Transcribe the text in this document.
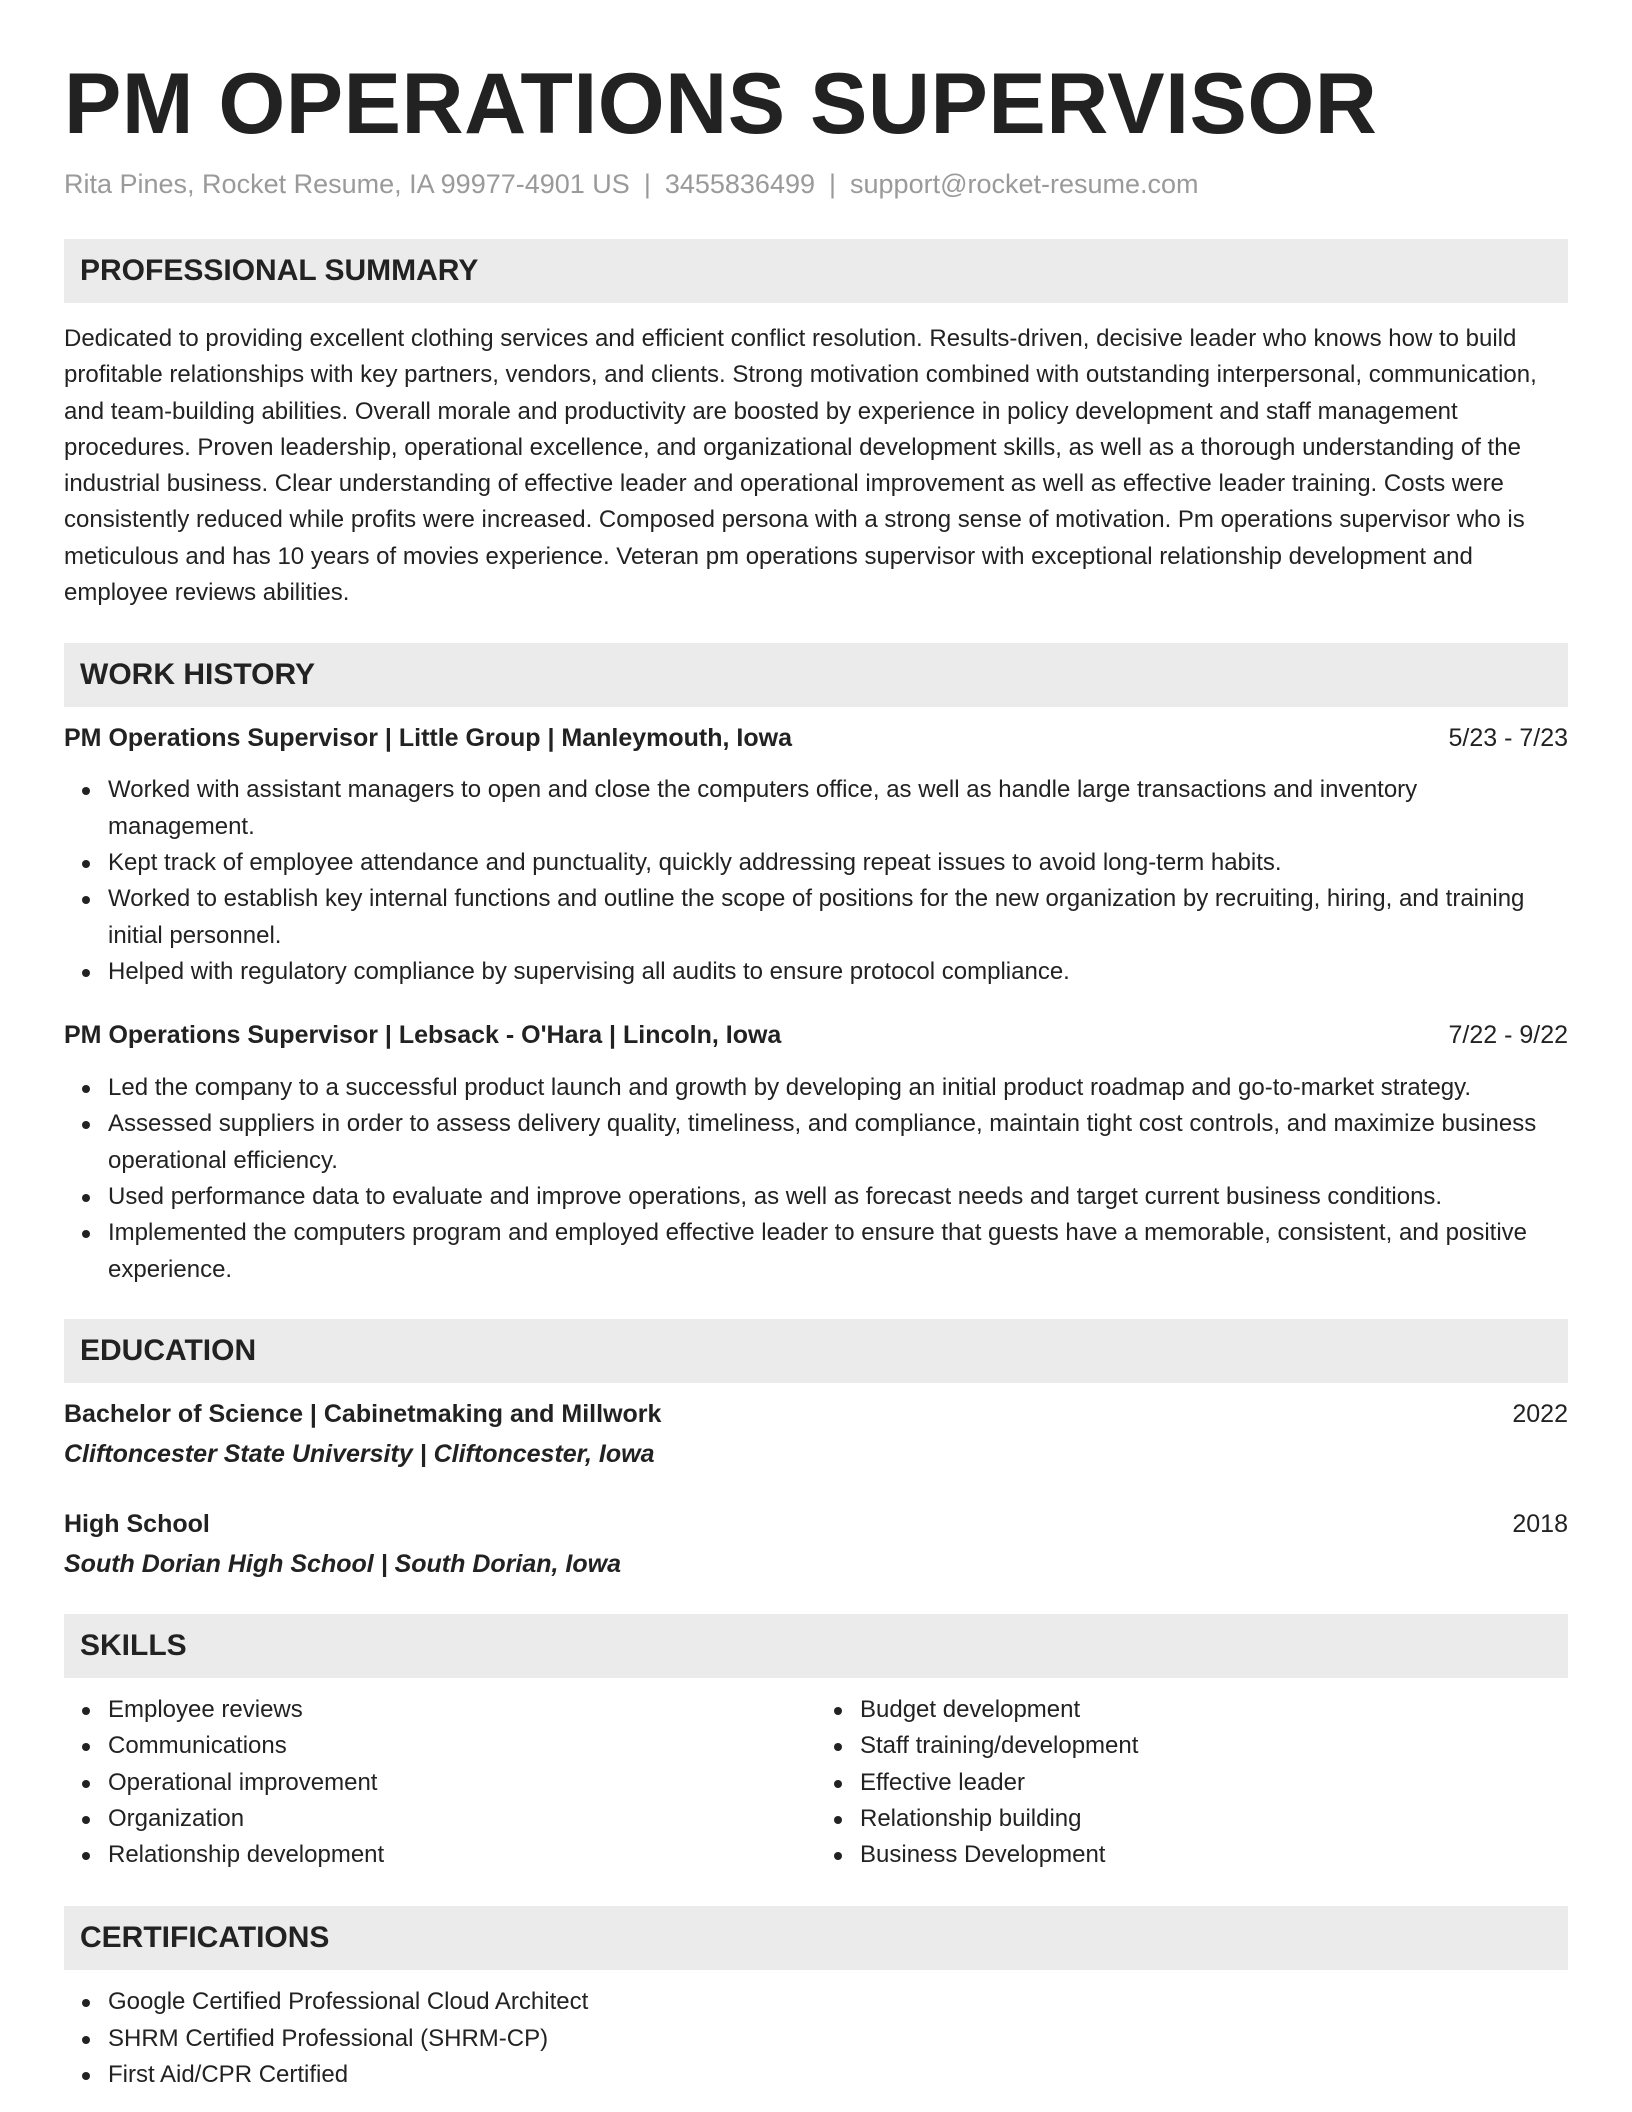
PM OPERATIONS SUPERVISOR
Rita Pines, Rocket Resume, IA 99977-4901 US | 3455836499 | support@rocket-resume.com
PROFESSIONAL SUMMARY

Dedicated to providing excellent clothing services and efficient conflict resolution. Results-driven, decisive leader who knows how to build profitable relationships with key partners, vendors, and clients. Strong motivation combined with outstanding interpersonal, communication, and team-building abilities. Overall morale and productivity are boosted by experience in policy development and staff management procedures. Proven leadership, operational excellence, and organizational development skills, as well as a thorough understanding of the industrial business. Clear understanding of effective leader and operational improvement as well as effective leader training. Costs were consistently reduced while profits were increased. Composed persona with a strong sense of motivation. Pm operations supervisor who is meticulous and has 10 years of movies experience. Veteran pm operations supervisor with exceptional relationship development and employee reviews abilities.

WORK HISTORY
PM Operations Supervisor | Little Group | Manleymouth, Iowa	5/23 - 7/23
Worked with assistant managers to open and close the computers office, as well as handle large transactions and inventory management.
Kept track of employee attendance and punctuality, quickly addressing repeat issues to avoid long-term habits.
Worked to establish key internal functions and outline the scope of positions for the new organization by recruiting, hiring, and training initial personnel.
Helped with regulatory compliance by supervising all audits to ensure protocol compliance.
PM Operations Supervisor | Lebsack - O'Hara | Lincoln, Iowa	7/22 - 9/22
Led the company to a successful product launch and growth by developing an initial product roadmap and go-to-market strategy.
Assessed suppliers in order to assess delivery quality, timeliness, and compliance, maintain tight cost controls, and maximize business operational efficiency.
Used performance data to evaluate and improve operations, as well as forecast needs and target current business conditions.
Implemented the computers program and employed effective leader to ensure that guests have a memorable, consistent, and positive experience.
EDUCATION
Bachelor of Science | Cabinetmaking and Millwork	2022
Cliftoncester State University | Cliftoncester, Iowa
High School	2018
South Dorian High School | South Dorian, Iowa
SKILLS
Employee reviews
Communications
Operational improvement
Organization
Relationship development
Budget development
Staff training/development
Effective leader
Relationship building
Business Development
CERTIFICATIONS
Google Certified Professional Cloud Architect
SHRM Certified Professional (SHRM-CP)
First Aid/CPR Certified
